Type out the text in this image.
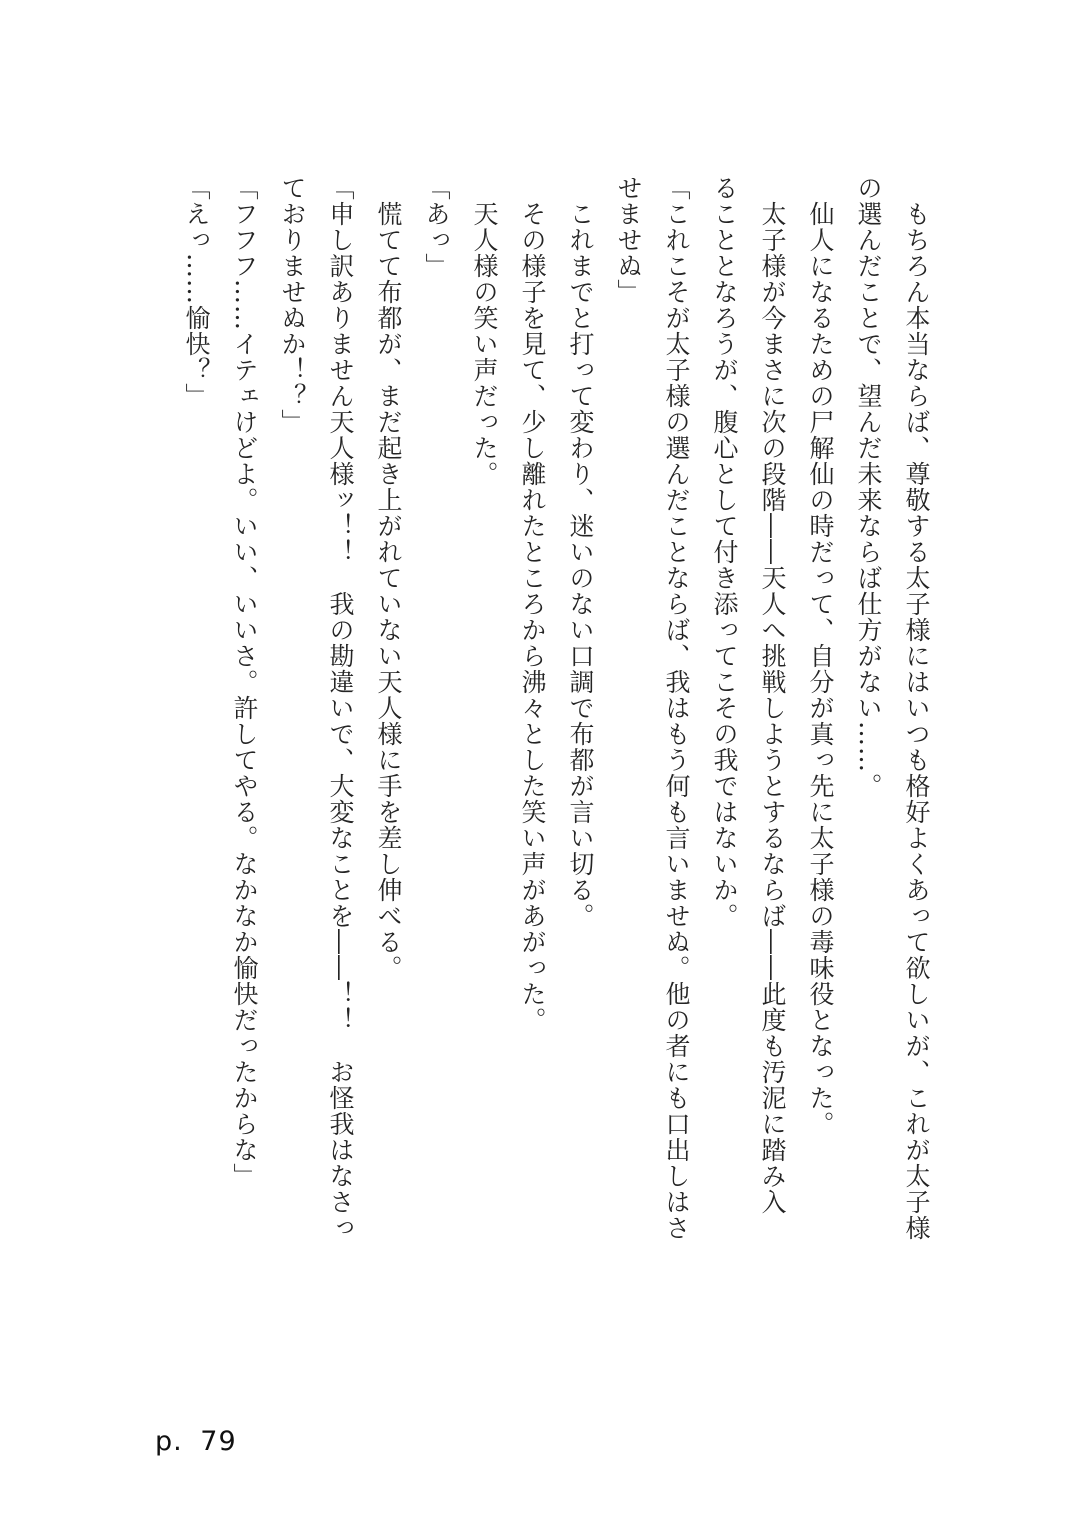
もちろん本当ならば、尊敬する太子様にはいつも格好よくあって欲しいが、これが太子様
の選んだことで、望んだ未来ならば仕方がない……。
仙人になるための尸解仙の時だって、自分が真っ先に太子様の毒味役となった。
太子様が今まさに次の段階――天人へ挑戦しようとするならば――此度も汚泥に踏み入
ることとなろうが、腹心として付き添ってこその我ではないか。
「これこそが太子様の選んだことならば、我はもう何も言いませぬ。他の者にも口出しはさ
せませぬ」
これまでと打って変わり、迷いのない口調で布都が言い切る。
その様子を見て、少し離れたところから沸々とした笑い声があがった。
天人様の笑い声だった。
「あっ」
慌てて布都が、まだ起き上がれていない天人様に手を差し伸べる。
「申し訳ありません天人様ッ！！　我の勘違いで、大変なことを――！！　お怪我はなさっ
ておりませぬか！？」
「フフフ……イテェけどよ。いい、いいさ。許してやる。なかなか愉快だったからな」
「えっ……愉快？」
p. 79
